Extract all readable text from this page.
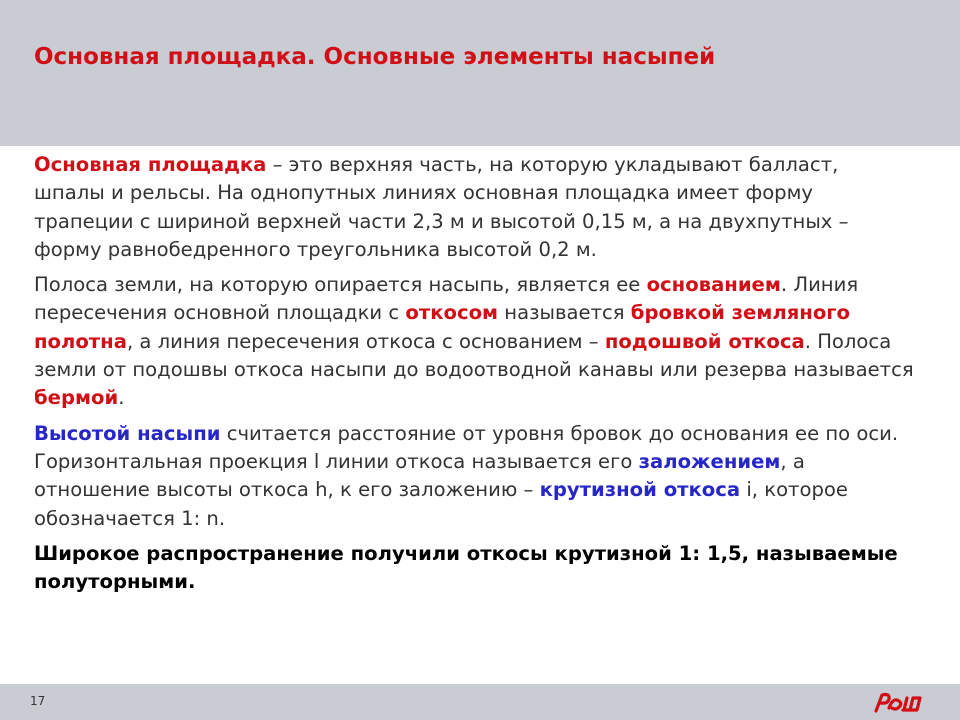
Основная площадка. Основные элементы насыпей

Основная площадка – это верхняя часть, на которую укладывают балласт, шпалы и рельсы. На однопутных линиях основная площадка имеет форму трапеции с шириной верхней части 2,3 м и высотой 0,15 м, а на двухпутных – форму равнобедренного треугольника высотой 0,2 м.

Полоса земли, на которую опирается насыпь, является ее основанием. Линия пересечения основной площадки с откосом называется бровкой земляного полотна, а линия пересечения откоса с основанием – подошвой откоса. Полоса земли от подошвы откоса насыпи до водоотводной канавы или резерва называется бермой.

Высотой насыпи считается расстояние от уровня бровок до основания ее по оси. Горизонтальная проекция l линии откоса называется его заложением, а отношение высоты откоса h, к его заложению – крутизной откоса i, которое обозначается 1: n.

Широкое распространение получили откосы крутизной 1: 1,5, называемые полуторными.

17
